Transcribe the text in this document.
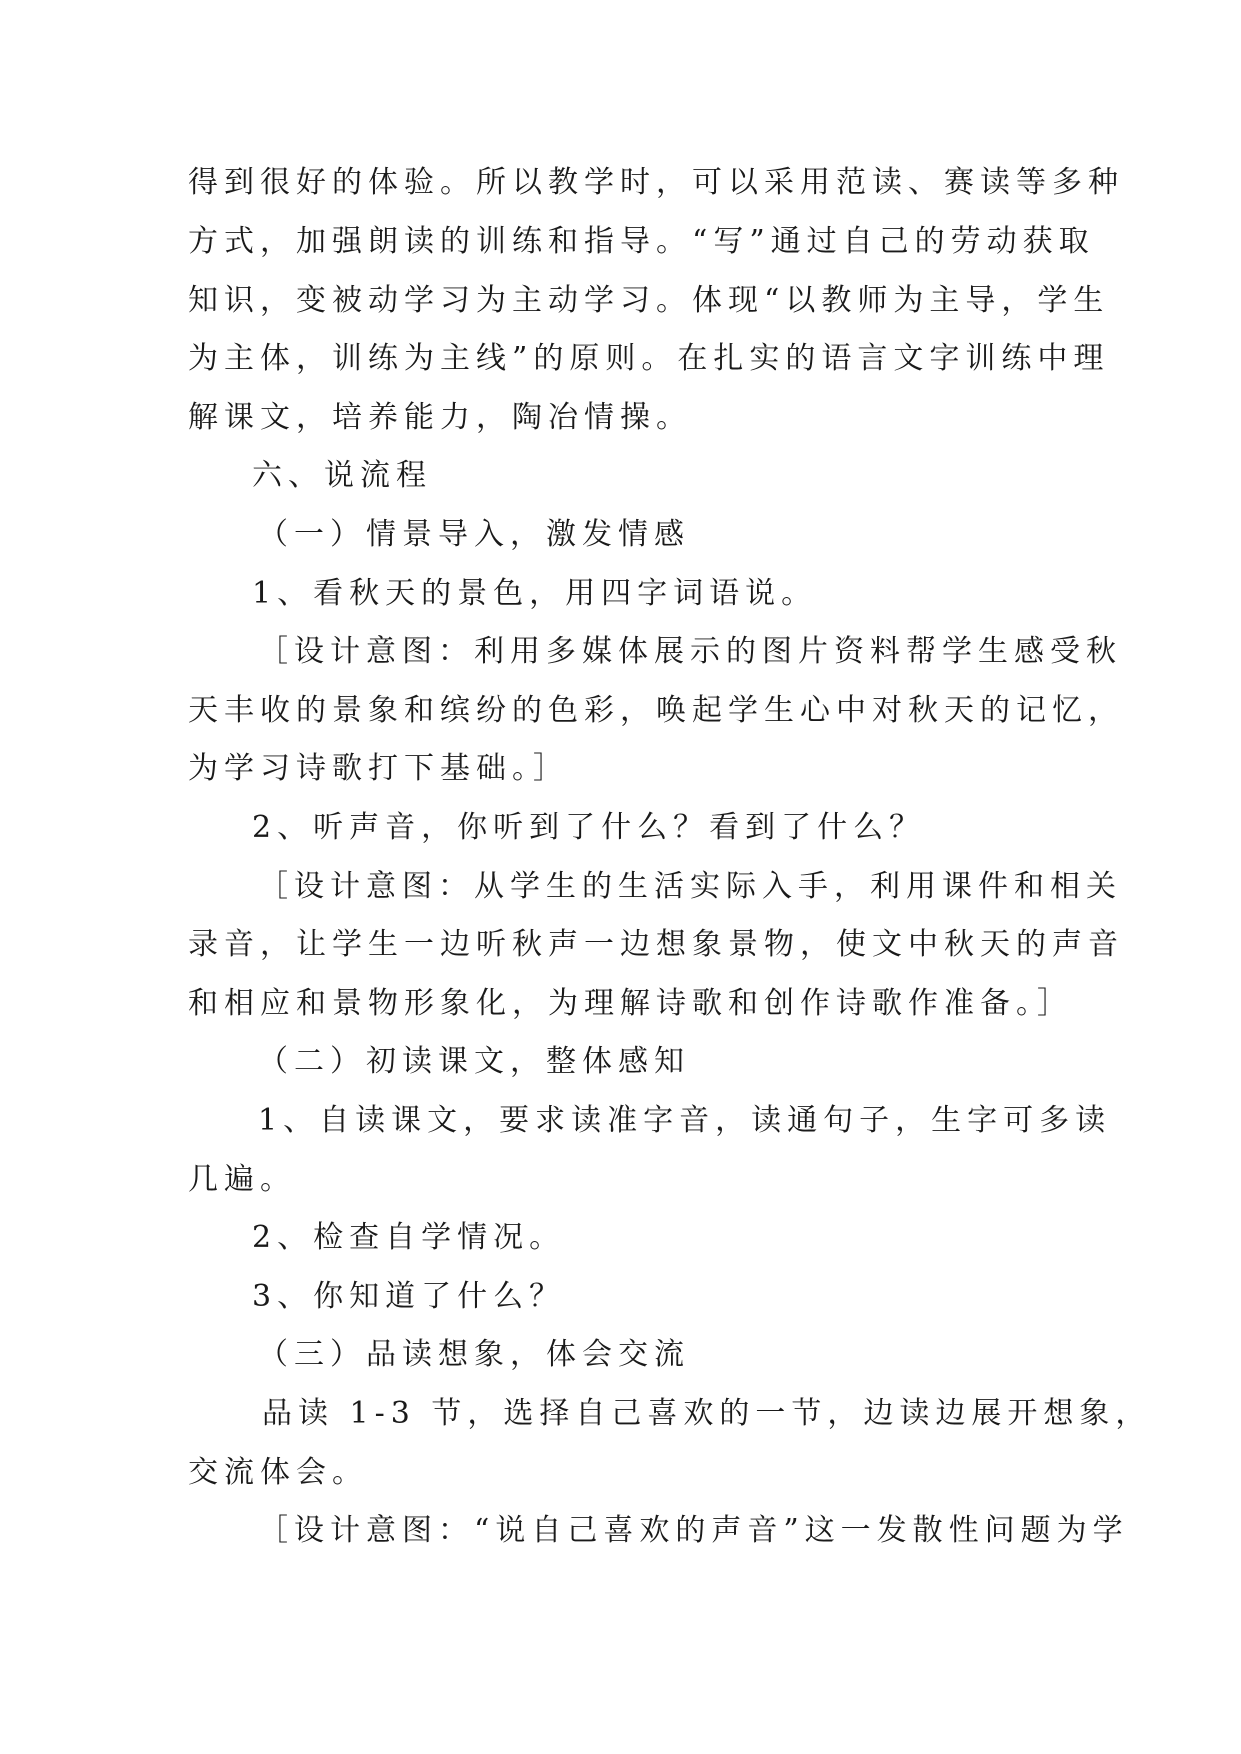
得到很好的体验。所以教学时，可以采用范读、赛读等多种
方式，加强朗读的训练和指导。“写”通过自己的劳动获取
知识，变被动学习为主动学习。体现“以教师为主导，学生
为主体，训练为主线”的原则。在扎实的语言文字训练中理
解课文，培养能力，陶冶情操。
六、说流程
（一）情景导入，激发情感
1、看秋天的景色，用四字词语说。
［设计意图：利用多媒体展示的图片资料帮学生感受秋
天丰收的景象和缤纷的色彩，唤起学生心中对秋天的记忆，
为学习诗歌打下基础。］
2、听声音，你听到了什么？看到了什么？
［设计意图：从学生的生活实际入手，利用课件和相关
录音，让学生一边听秋声一边想象景物，使文中秋天的声音
和相应和景物形象化，为理解诗歌和创作诗歌作准备。］
（二）初读课文，整体感知
1、自读课文，要求读准字音，读通句子，生字可多读
几遍。
2、检查自学情况。
3、你知道了什么？
（三）品读想象，体会交流
品读 1-3 节，选择自己喜欢的一节，边读边展开想象，
交流体会。
［设计意图：“说自己喜欢的声音”这一发散性问题为学
